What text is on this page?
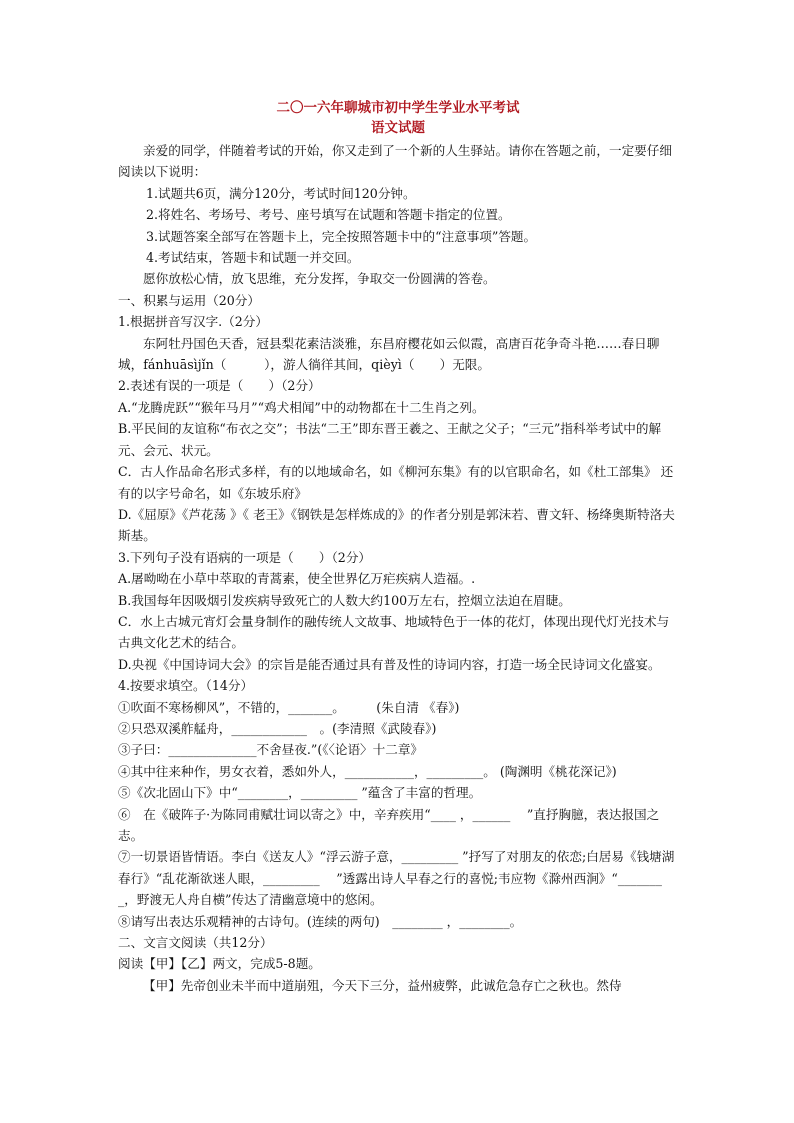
二〇一六年聊城市初中学生学业水平考试
语文试题

亲爱的同学，伴随着考试的开始，你又走到了一个新的人生驿站。请你在答题之前，一定要仔细阅读以下说明：

1.试题共6页，满分120分，考试时间120分钟。

2.将姓名、考场号、考号、座号填写在试题和答题卡指定的位置。

3.试题答案全部写在答题卡上，完全按照答题卡中的“注意事项”答题。

4.考试结束，答题卡和试题一并交回。

愿你放松心情，放飞思维，充分发挥，争取交一份圆满的答卷。

一、积累与运用（20分）

1.根据拼音写汉字.（2分）

东阿牡丹国色天香，冠县梨花素洁淡雅，东昌府樱花如云似霞，高唐百花争奇斗艳……春日聊城，fánhuāsìjǐn（　　　），游人徜徉其间，qièyì（　　）无限。

2.表述有误的一项是（　　）（2分）

A.“龙腾虎跃”“猴年马月”“鸡犬相闻”中的动物都在十二生肖之列。

B.平民间的友谊称“布衣之交”；书法“二王”即东晋王羲之、王献之父子；“三元”指科举考试中的解元、会元、状元。

C．古人作品命名形式多样，有的以地域命名，如《柳河东集》有的以官职命名，如《杜工部集》 还有的以字号命名，如《东坡乐府》

D.《屈原》《芦花荡 》《 老王》《钢铁是怎样炼成的》的作者分别是郭沫若、曹文轩、杨绛奥斯特洛夫斯基。

3.下列句子没有语病的一项是（　　）（2分）

A.屠呦呦在小草中萃取的青蒿素，使全世界亿万疟疾病人造福。.

B.我国每年因吸烟引发疾病导致死亡的人数大约100万左右，控烟立法迫在眉睫。

C．水上古城元宵灯会量身制作的融传统人文故事、地域特色于一体的花灯，体现出现代灯光技术与古典文化艺术的结合。

D.央视《中国诗词大会》的宗旨是能否通过具有普及性的诗词内容，打造一场全民诗词文化盛宴。

4.按要求填空。（14分）

①吹面不寒杨柳风”，不错的，_______。　　　(朱自清 《春》)

②只恐双溪舴艋舟，____________　。(李清照《武陵春》)

③子曰：______________不舍昼夜.”(《〈论语〉十二章》

④其中往来种作，男女衣着，悉如外人，___________，_________。 (陶渊明《桃花深记》)

⑤《次北固山下》中“________，_________ ”蕴含了丰富的哲理。

⑥　在《破阵子·为陈同甫赋壮词以寄之》中，辛弃疾用“____ ，______　 ”直抒胸臆，表达报国之志。

⑦一切景语皆情语。李白《送友人》“浮云游子意，_________ ”抒写了对朋友的依恋;白居易《钱塘湖春行》“乱花渐欲迷人眼，_________　 ”透露出诗人早春之行的喜悦;韦应物《滁州西涧》“________，野渡无人舟自横”传达了清幽意境中的悠闲。

⑧请写出表达乐观精神的古诗句。(连续的两句)　________ ，________。

二、文言文阅读（共12分）

阅读【甲】【乙】两文，完成5-8题。

【甲】先帝创业未半而中道崩殂，今天下三分，益州疲弊，此诚危急存亡之秋也。然侍
